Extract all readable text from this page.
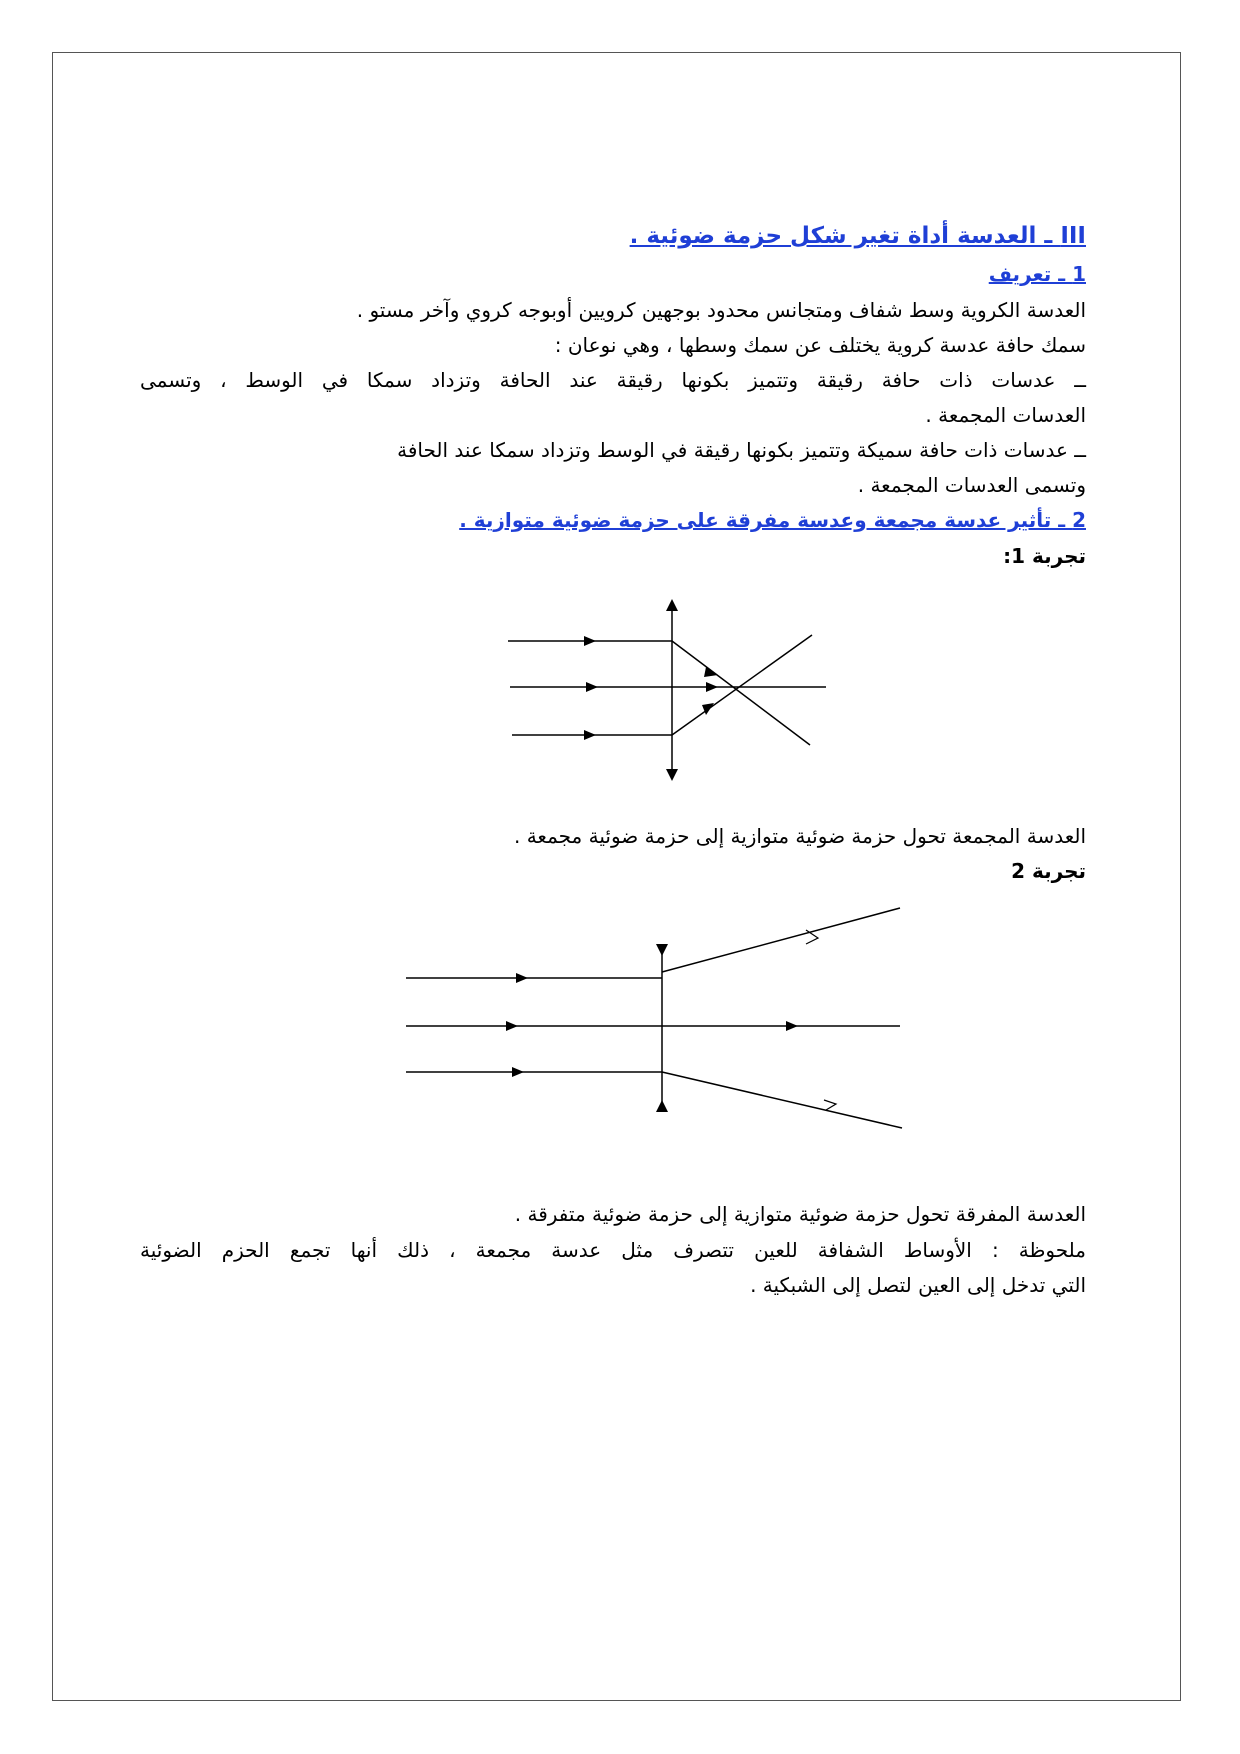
III ـ العدسة أداة تغير شكل حزمة ضوئية .
1 ـ تعريف
العدسة الكروية وسط شفاف ومتجانس محدود بوجهين كرويين أوبوجه كروي وآخر مستو .
سمك حافة عدسة كروية يختلف عن سمك وسطها ، وهي نوعان :
ــ عدسات ذات حافة رقيقة وتتميز بكونها رقيقة عند الحافة وتزداد سمكا في الوسط ، وتسمى
العدسات المجمعة .
ــ عدسات ذات حافة سميكة وتتميز بكونها رقيقة في الوسط وتزداد سمكا عند الحافة
وتسمى العدسات المجمعة .
2 ـ تأثير عدسة مجمعة وعدسة مفرقة على حزمة ضوئية متوازية .
تجربة 1:
العدسة المجمعة تحول حزمة ضوئية متوازية إلى حزمة ضوئية مجمعة .
تجربة 2
العدسة المفرقة تحول حزمة ضوئية متوازية إلى حزمة ضوئية متفرقة .
ملحوظة : الأوساط الشفافة للعين تتصرف مثل عدسة مجمعة ، ذلك أنها تجمع الحزم الضوئية
التي تدخل إلى العين لتصل إلى الشبكية .
